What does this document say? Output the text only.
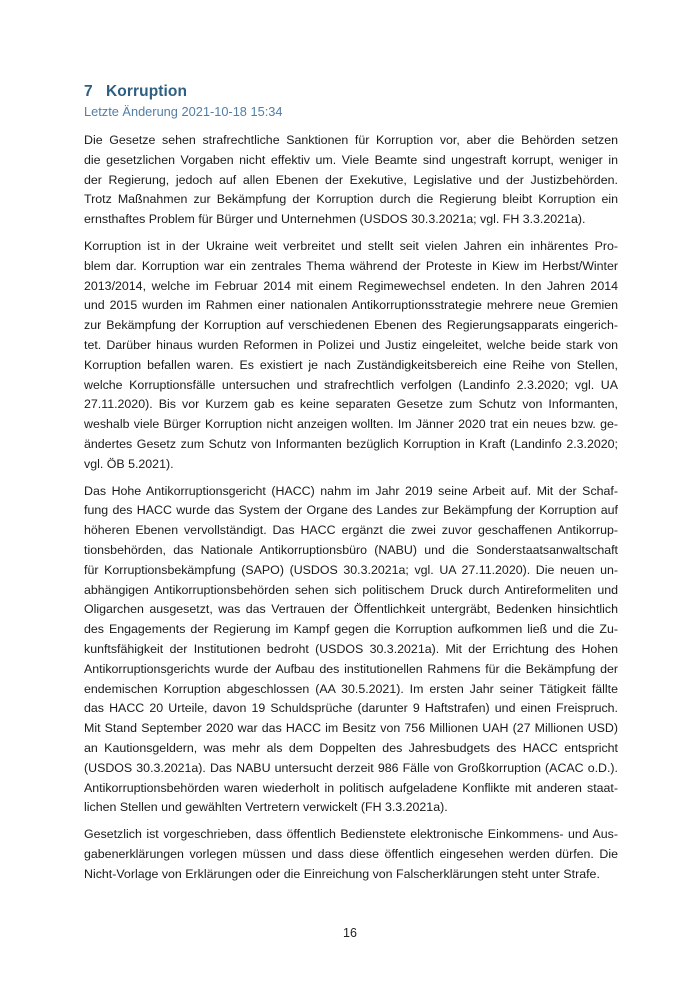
7 Korruption
Letzte Änderung 2021-10-18 15:34
Die Gesetze sehen strafrechtliche Sanktionen für Korruption vor, aber die Behörden setzen
die gesetzlichen Vorgaben nicht effektiv um. Viele Beamte sind ungestraft korrupt, weniger in
der Regierung, jedoch auf allen Ebenen der Exekutive, Legislative und der Justizbehörden.
Trotz Maßnahmen zur Bekämpfung der Korruption durch die Regierung bleibt Korruption ein
ernsthaftes Problem für Bürger und Unternehmen (USDOS 30.3.2021a; vgl. FH 3.3.2021a).
Korruption ist in der Ukraine weit verbreitet und stellt seit vielen Jahren ein inhärentes Pro-
blem dar. Korruption war ein zentrales Thema während der Proteste in Kiew im Herbst/Winter
2013/2014, welche im Februar 2014 mit einem Regimewechsel endeten. In den Jahren 2014
und 2015 wurden im Rahmen einer nationalen Antikorruptionsstrategie mehrere neue Gremien
zur Bekämpfung der Korruption auf verschiedenen Ebenen des Regierungsapparats eingerich-
tet. Darüber hinaus wurden Reformen in Polizei und Justiz eingeleitet, welche beide stark von
Korruption befallen waren. Es existiert je nach Zuständigkeitsbereich eine Reihe von Stellen,
welche Korruptionsfälle untersuchen und strafrechtlich verfolgen (Landinfo 2.3.2020; vgl. UA
27.11.2020). Bis vor Kurzem gab es keine separaten Gesetze zum Schutz von Informanten,
weshalb viele Bürger Korruption nicht anzeigen wollten. Im Jänner 2020 trat ein neues bzw. ge-
ändertes Gesetz zum Schutz von Informanten bezüglich Korruption in Kraft (Landinfo 2.3.2020;
vgl. ÖB 5.2021).
Das Hohe Antikorruptionsgericht (HACC) nahm im Jahr 2019 seine Arbeit auf. Mit der Schaf-
fung des HACC wurde das System der Organe des Landes zur Bekämpfung der Korruption auf
höheren Ebenen vervollständigt. Das HACC ergänzt die zwei zuvor geschaffenen Antikorrup-
tionsbehörden, das Nationale Antikorruptionsbüro (NABU) und die Sonderstaatsanwaltschaft
für Korruptionsbekämpfung (SAPO) (USDOS 30.3.2021a; vgl. UA 27.11.2020). Die neuen un-
abhängigen Antikorruptionsbehörden sehen sich politischem Druck durch Antireformeliten und
Oligarchen ausgesetzt, was das Vertrauen der Öffentlichkeit untergräbt, Bedenken hinsichtlich
des Engagements der Regierung im Kampf gegen die Korruption aufkommen ließ und die Zu-
kunftsfähigkeit der Institutionen bedroht (USDOS 30.3.2021a). Mit der Errichtung des Hohen
Antikorruptionsgerichts wurde der Aufbau des institutionellen Rahmens für die Bekämpfung der
endemischen Korruption abgeschlossen (AA 30.5.2021). Im ersten Jahr seiner Tätigkeit fällte
das HACC 20 Urteile, davon 19 Schuldsprüche (darunter 9 Haftstrafen) und einen Freispruch.
Mit Stand September 2020 war das HACC im Besitz von 756 Millionen UAH (27 Millionen USD)
an Kautionsgeldern, was mehr als dem Doppelten des Jahresbudgets des HACC entspricht
(USDOS 30.3.2021a). Das NABU untersucht derzeit 986 Fälle von Großkorruption (ACAC o.D.).
Antikorruptionsbehörden waren wiederholt in politisch aufgeladene Konflikte mit anderen staat-
lichen Stellen und gewählten Vertretern verwickelt (FH 3.3.2021a).
Gesetzlich ist vorgeschrieben, dass öffentlich Bedienstete elektronische Einkommens- und Aus-
gabenerklärungen vorlegen müssen und dass diese öffentlich eingesehen werden dürfen. Die
Nicht-Vorlage von Erklärungen oder die Einreichung von Falscherklärungen steht unter Strafe.
16
